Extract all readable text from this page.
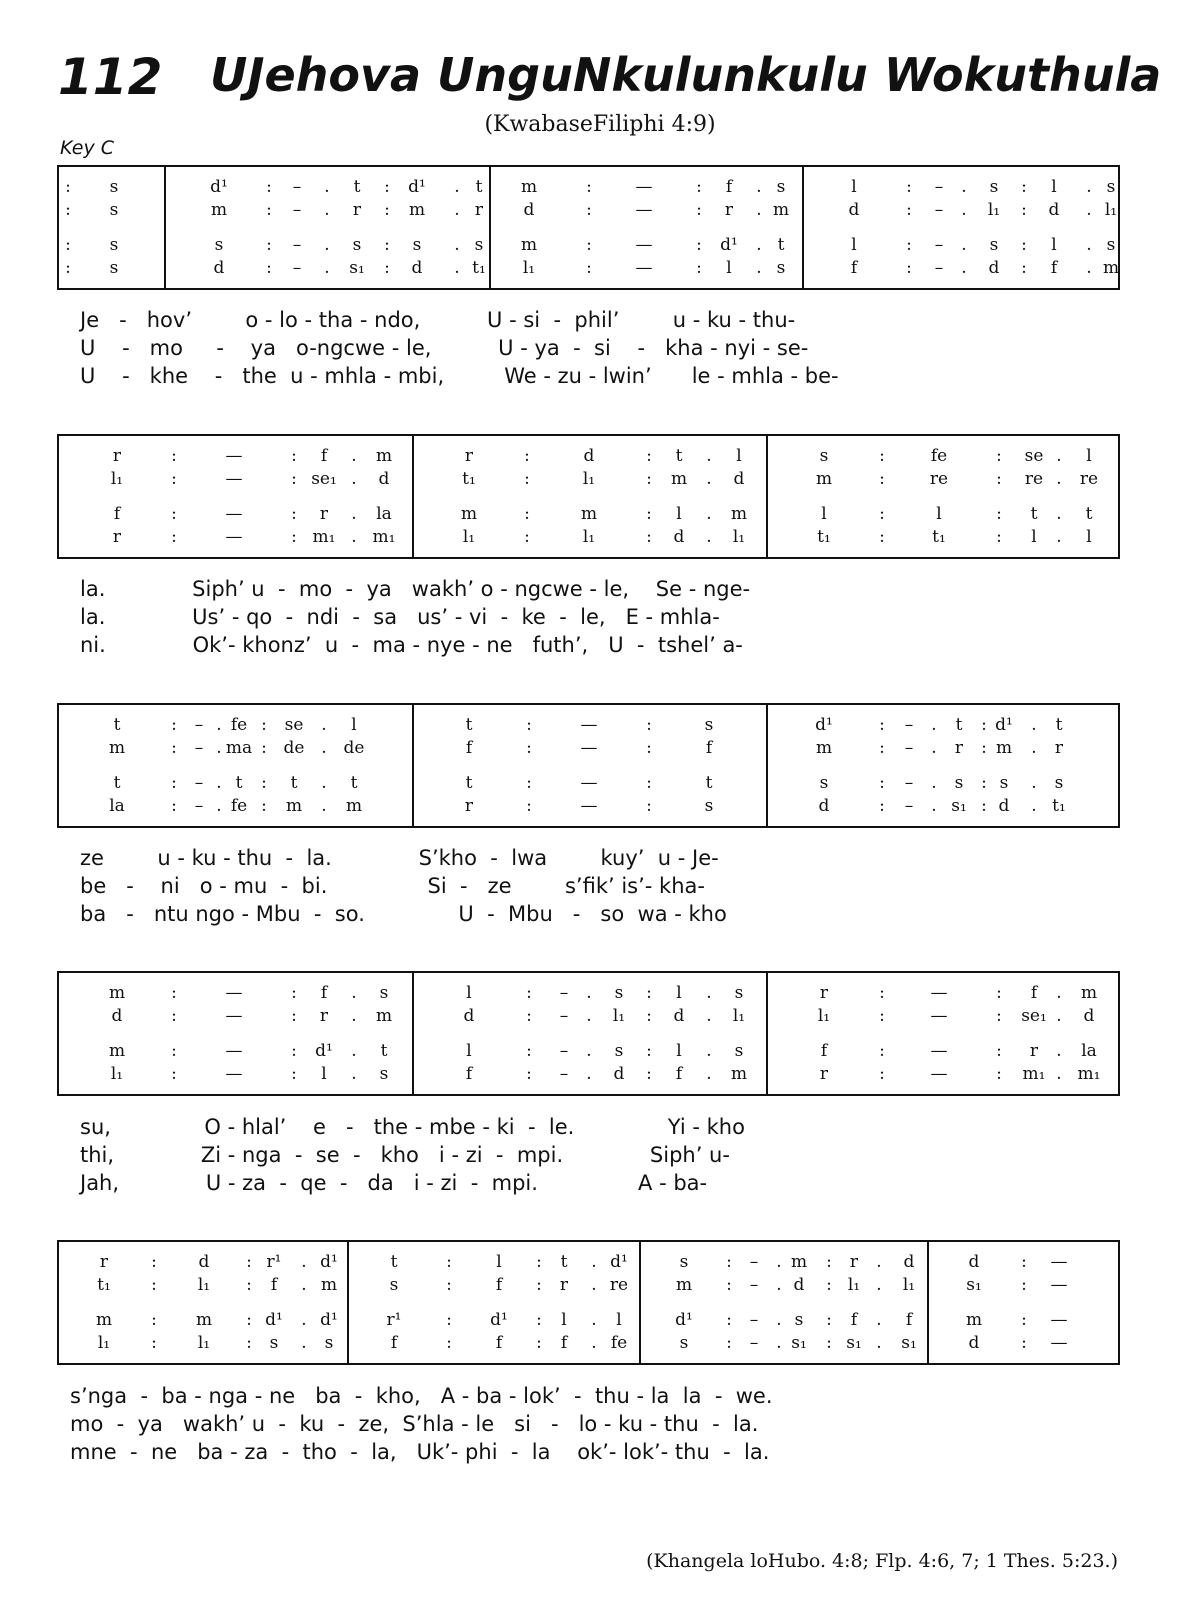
112 UJehova UnguNkulunkulu Wokuthula
(KwabaseFiliphi 4:9)
Key C
: s	d¹ : – . t : d¹ . t m	:	—	: f . s	l	: – . s : l . s
: s	m : – . r : m . r d	:	—	: r . m	d	: – . l₁ : d . l₁
: s	s	: – . s : s . s m	:	—	: d¹ . t	l	: – . s : l . s
: s	d : – . s₁ : d . t₁ l₁	:	—	: l . s	f	: – . d : f . m
Je   -   hov’        o - lo - tha - ndo,          U - si  -  phil’        u - ku - thu-
U    -   mo     -    ya   o-ngcwe - le,          U - ya  -  si    -   kha - nyi - se-
U    -   khe    -   the  u - mhla - mbi,         We - zu - lwin’      le - mhla - be-
r	:	—	: f . m	r	:	d	: t . l	s	:	fe	: se . l
l₁	:	—	: se₁ . d	t₁	:	l₁	: m . d	m	:	re	: re . re
f	:	—	: r . la	m	:	m	: l . m	l	:	l	: t . t
r	:	—	: m₁ . m₁	l₁	:	l₁	: d . l₁	t₁	:	t₁	: l . l
la.             Siph’ u  -  mo  -  ya   wakh’ o - ngcwe - le,    Se - nge-
la.             Us’ - qo  -  ndi  -  sa   us’ - vi  -  ke  -  le,   E - mhla-
ni.             Ok’- khonz’  u  -  ma - nye - ne   futh’,   U  -  tshel’ a-
t	: – . fe : se . l	t	:	—	:	s	d¹	: – . t : d¹ . t
m	: – . ma : de . de	f	:	—	:	f	m	: – . r : m . r
t	: – . t : t . t	t	:	—	:	t	s	: – . s : s . s
la	: – . fe : m . m	r	:	—	:	s	d	: – . s₁ : d . t₁
ze        u - ku - thu  -  la.             S’kho  -  lwa        kuy’  u - Je-
be   -    ni   o - mu  -  bi.               Si  -   ze        s’fik’ is’- kha-
ba   -   ntu ngo - Mbu  -  so.              U  -  Mbu   -   so  wa - kho
m	:	—	: f . s	l	: – . s : l . s	r	:	—	: f . m
d	:	—	: r . m	d	: – . l₁ : d . l₁	l₁	:	—	: se₁ . d
m	:	—	: d¹ . t	l	: – . s : l . s	f	:	—	: r . la
l₁	:	—	: l . s	f	: – . d : f . m	r	:	—	: m₁ . m₁
su,              O - hlal’    e   -   the - mbe - ki  -  le.              Yi - kho
thi,             Zi - nga  -  se  -   kho   i - zi  -  mpi.             Siph’ u-
Jah,             U - za  -  qe  -   da   i - zi  -  mpi.               A - ba-
r	: d : r¹ . d¹	t	:	l : t . d¹	s : – . m : r . d	d : —
t₁ : l₁ : f . m	s	:	f : r . re	m : – . d : l₁ . l₁	s₁ : —
m : m : d¹ . d¹	r¹	: d¹ : l . l	d¹ : – . s : f . f	m : —
l₁ : l₁ : s . s	f	:	f : f . fe	s : – . s₁ : s₁ . s₁	d : —
s’nga  -  ba - nga - ne   ba  -  kho,   A - ba - lok’  -  thu - la  la  -  we.
mo  -  ya   wakh’ u  -  ku  -  ze,  S’hla - le   si   -   lo - ku - thu  -  la.
mne  -  ne   ba - za  -  tho  -  la,   Uk’- phi  -  la    ok’- lok’- thu  -  la.
(Khangela loHubo. 4:8; Flp. 4:6, 7; 1 Thes. 5:23.)
